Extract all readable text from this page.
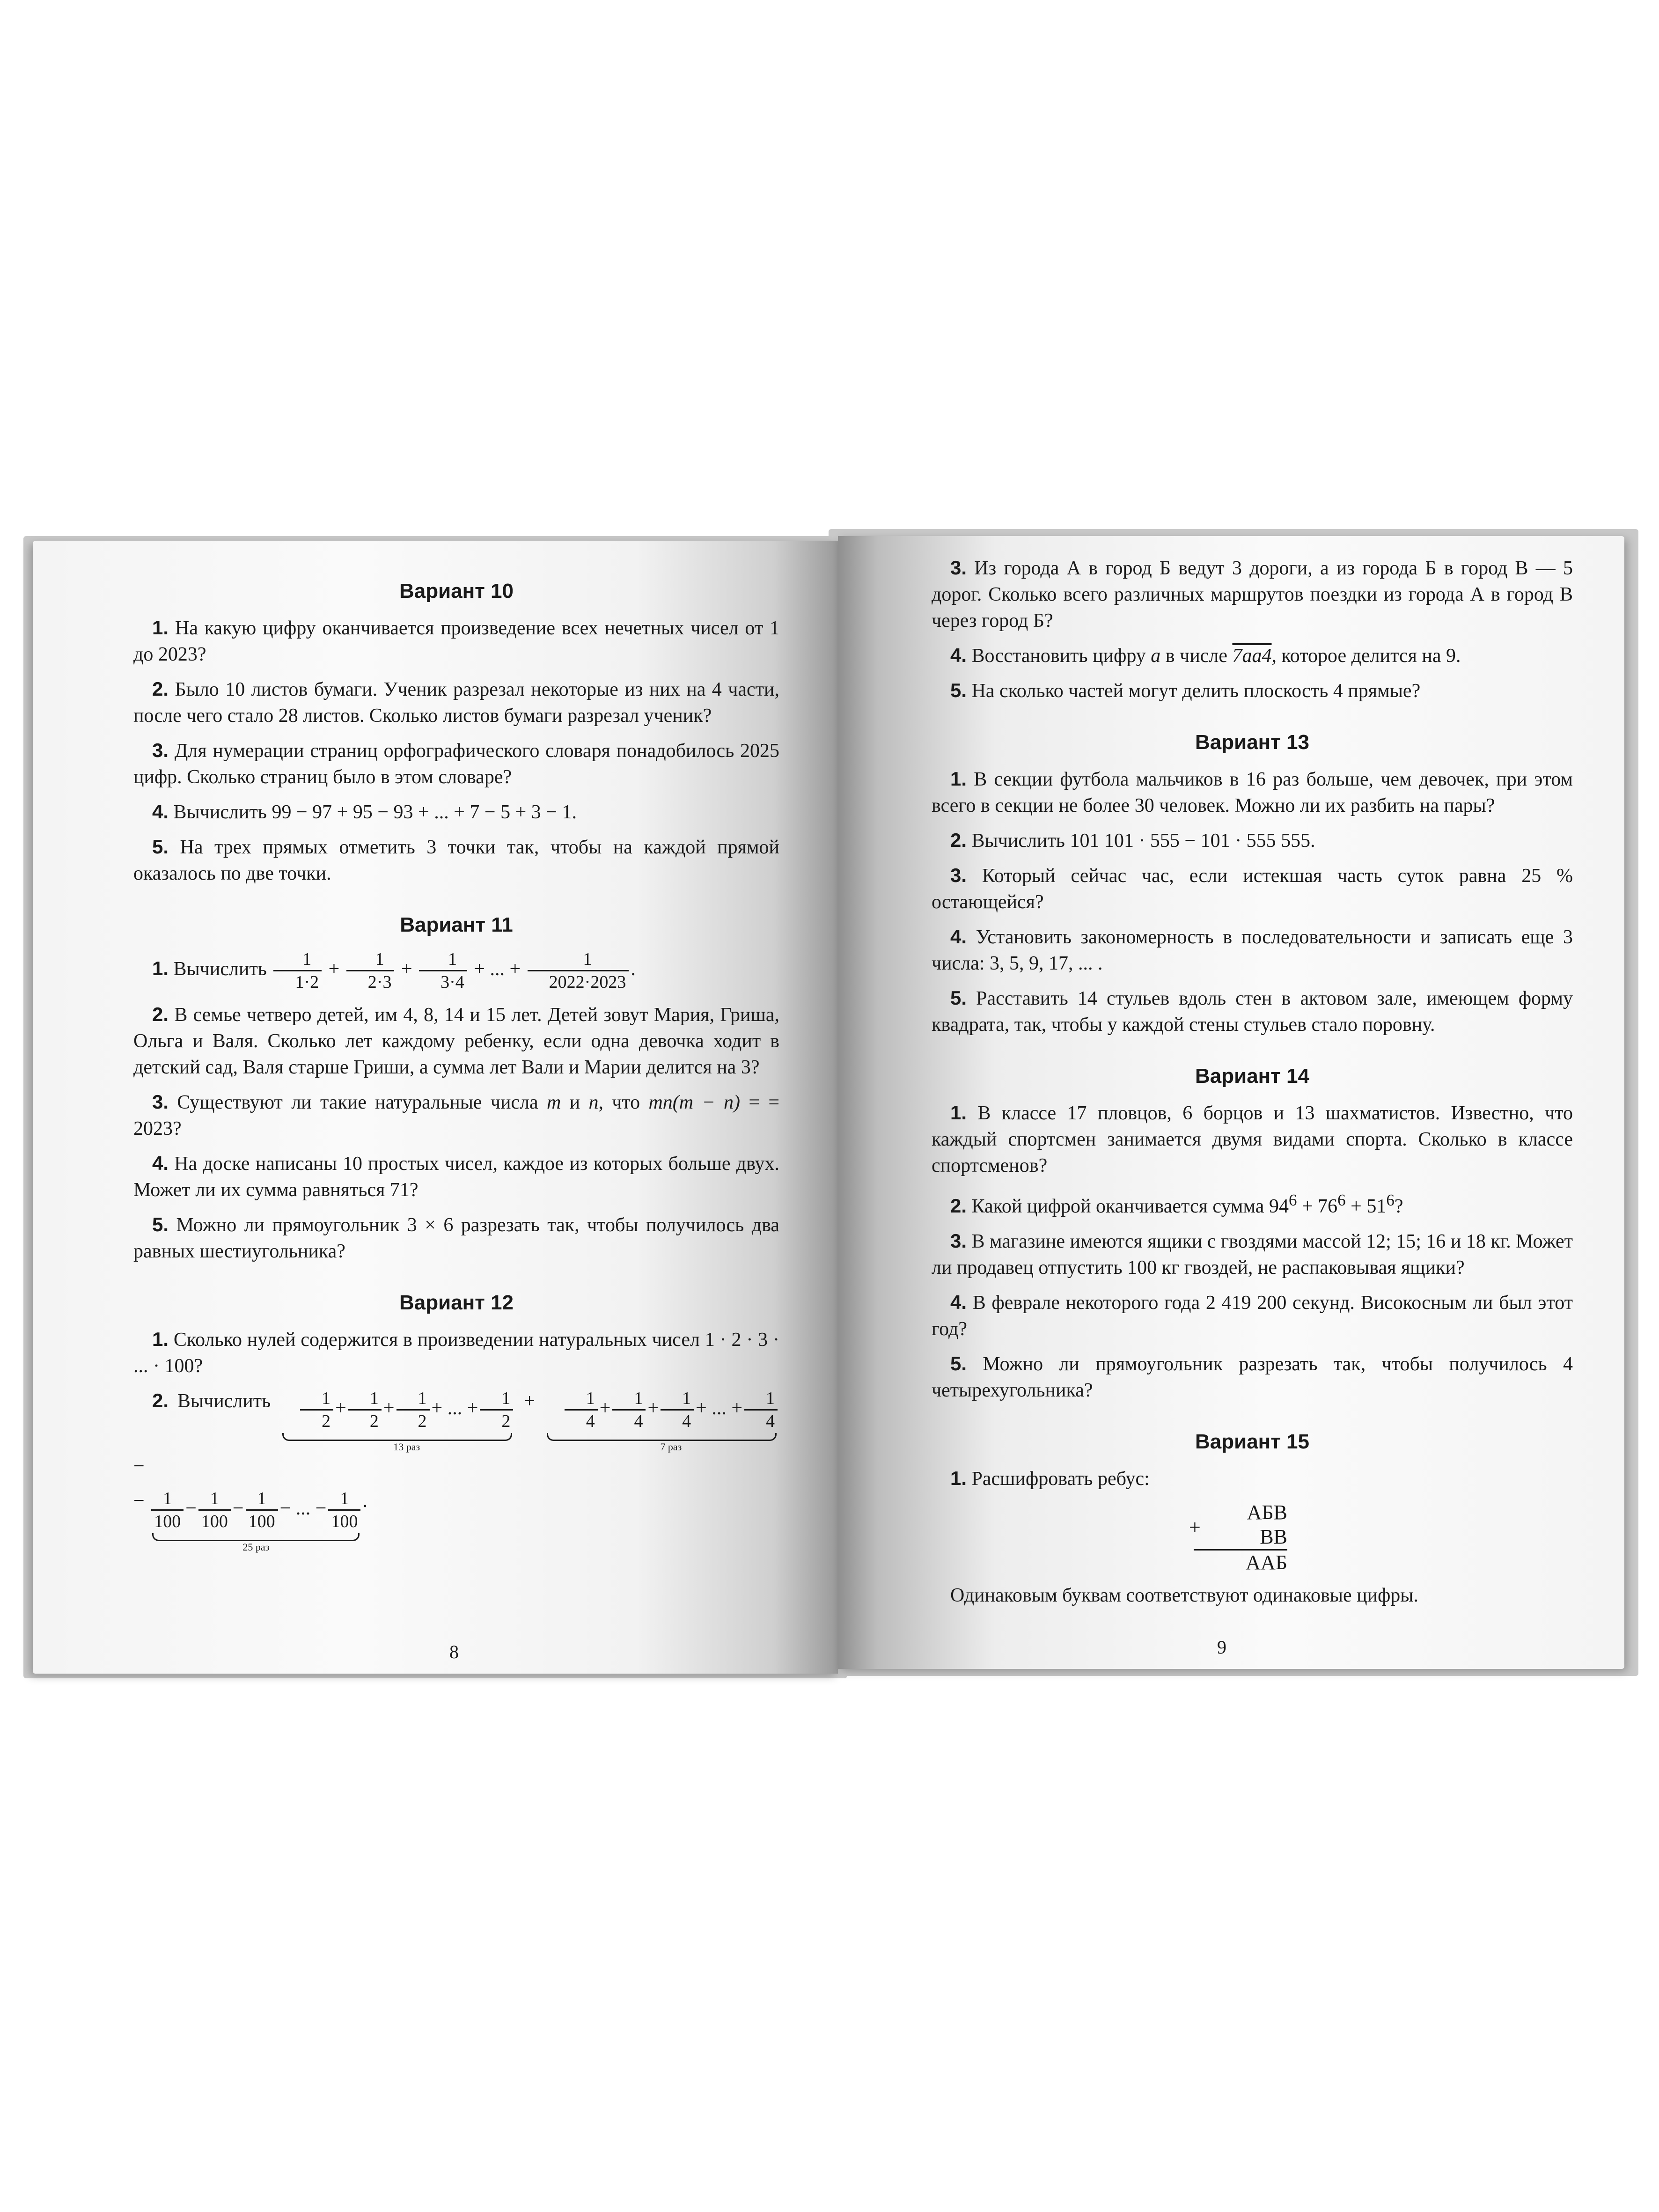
Вариант 10

1. На какую цифру оканчивается произведение всех нечетных чисел от 1 до 2023?

2. Было 10 листов бумаги. Ученик разрезал некоторые из них на 4 части, после чего стало 28 листов. Сколько листов бумаги разрезал ученик?

3. Для нумерации страниц орфографического словаря понадобилось 2025 цифр. Сколько страниц было в этом словаре?

4. Вычислить 99 − 97 + 95 − 93 + ... + 7 − 5 + 3 − 1.

5. На трех прямых отметить 3 точки так, чтобы на каждой прямой оказалось по две точки.

Вариант 11

1. Вычислить $\frac{1}{1\cdot 2} + \frac{1}{2\cdot 3} + \frac{1}{3\cdot 4}$ + ... + $\frac{1}{2022\cdot 2023}$ .

2. В семье четверо детей, им 4, 8, 14 и 15 лет. Детей зовут Мария, Гриша, Ольга и Валя. Сколько лет каждому ребенку, если одна девочка ходит в детский сад, Валя старше Гриши, а сумма лет Вали и Марии делится на 3?

3. Существуют ли такие натуральные числа m и n, что mn(m − n) = = 2023?

4. На доске написаны 10 простых чисел, каждое из которых больше двух. Может ли их сумма равняться 71?

5. Можно ли прямоугольник 3 × 6 разрезать так, чтобы получилось два равных шестиугольника?

Вариант 12

1. Сколько нулей содержится в произведении натуральных чисел 1 · 2 · 3 · ... · 100?

2. Вычислить $\frac{1}{2} + \frac{1}{2} + \frac{1}{2}$ + ... + $\frac{1}{2}$
13 раз
+ $\frac{1}{4} + \frac{1}{4} + \frac{1}{4}$ + ... + $\frac{1}{4}$
7 раз
−

− $\frac{1}{100} - \frac{1}{100} - \frac{1}{100}$ − ... − $\frac{1}{100}$
25 раз
.

8

3. Из города А в город Б ведут 3 дороги, а из города Б в город В — 5 дорог. Сколько всего различных маршрутов поездки из города А в город В через город Б?

4. Восстановить цифру a в числе 7aa4, которое делится на 9.

5. На сколько частей могут делить плоскость 4 прямые?

Вариант 13

1. В секции футбола мальчиков в 16 раз больше, чем девочек, при этом всего в секции не более 30 человек. Можно ли их разбить на пары?

2. Вычислить 101 101 · 555 − 101 · 555 555.

3. Который сейчас час, если истекшая часть суток равна 25 % остающейся?

4. Установить закономерность в последовательности и записать еще 3 числа: 3, 5, 9, 17, ... .

5. Расставить 14 стульев вдоль стен в актовом зале, имеющем форму квадрата, так, чтобы у каждой стены стульев стало поровну.

Вариант 14

1. В классе 17 пловцов, 6 борцов и 13 шахматистов. Известно, что каждый спортсмен занимается двумя видами спорта. Сколько в классе спортсменов?

2. Какой цифрой оканчивается сумма $94^6 + 76^6 + 51^6$?

3. В магазине имеются ящики с гвоздями массой 12; 15; 16 и 18 кг. Может ли продавец отпустить 100 кг гвоздей, не распаковывая ящики?

4. В феврале некоторого года 2 419 200 секунд. Високосным ли был этот год?

5. Можно ли прямоугольник разрезать так, чтобы получилось 4 четырехугольника?

Вариант 15

1. Расшифровать ребус:

+
АБВ
ВВ
ААБ

Одинаковым буквам соответствуют одинаковые цифры.

9
